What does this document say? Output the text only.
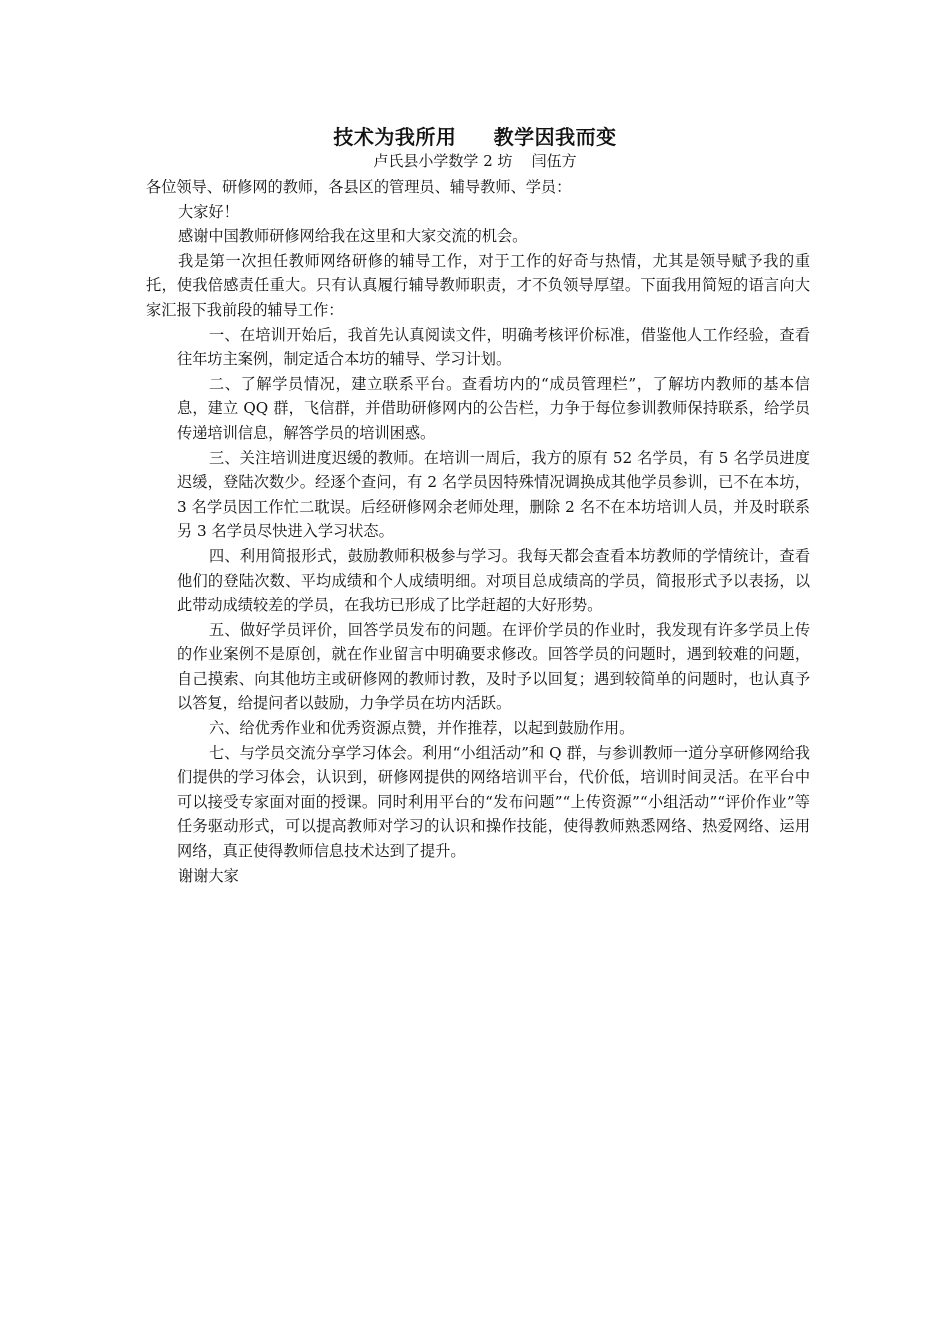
技术为我所用     教学因我而变
卢氏县小学数学 2 坊    闫伍方

各位领导、研修网的教师，各县区的管理员、辅导教师、学员：

大家好！

感谢中国教师研修网给我在这里和大家交流的机会。

我是第一次担任教师网络研修的辅导工作，对于工作的好奇与热情，尤其是领导赋予我的重托，使我倍感责任重大。只有认真履行辅导教师职责，才不负领导厚望。下面我用简短的语言向大家汇报下我前段的辅导工作：

一、在培训开始后，我首先认真阅读文件，明确考核评价标准，借鉴他人工作经验，查看往年坊主案例，制定适合本坊的辅导、学习计划。

二、了解学员情况，建立联系平台。查看坊内的“成员管理栏”，了解坊内教师的基本信息，建立 QQ 群，飞信群，并借助研修网内的公告栏，力争于每位参训教师保持联系，给学员传递培训信息，解答学员的培训困惑。

三、关注培训进度迟缓的教师。在培训一周后，我方的原有 52 名学员，有 5 名学员进度迟缓，登陆次数少。经逐个查问，有 2 名学员因特殊情况调换成其他学员参训，已不在本坊，3 名学员因工作忙二耽误。后经研修网余老师处理，删除 2 名不在本坊培训人员，并及时联系另 3 名学员尽快进入学习状态。

四、利用简报形式，鼓励教师积极参与学习。我每天都会查看本坊教师的学情统计，查看他们的登陆次数、平均成绩和个人成绩明细。对项目总成绩高的学员，简报形式予以表扬，以此带动成绩较差的学员，在我坊已形成了比学赶超的大好形势。

五、做好学员评价，回答学员发布的问题。在评价学员的作业时，我发现有许多学员上传的作业案例不是原创，就在作业留言中明确要求修改。回答学员的问题时，遇到较难的问题，自己摸索、向其他坊主或研修网的教师讨教，及时予以回复；遇到较简单的问题时，也认真予以答复，给提问者以鼓励，力争学员在坊内活跃。

六、给优秀作业和优秀资源点赞，并作推荐，以起到鼓励作用。

七、与学员交流分享学习体会。利用“小组活动”和 Q 群，与参训教师一道分享研修网给我们提供的学习体会，认识到，研修网提供的网络培训平台，代价低，培训时间灵活。在平台中可以接受专家面对面的授课。同时利用平台的“发布问题”“上传资源”“小组活动”“评价作业”等任务驱动形式，可以提高教师对学习的认识和操作技能，使得教师熟悉网络、热爱网络、运用网络，真正使得教师信息技术达到了提升。

谢谢大家
